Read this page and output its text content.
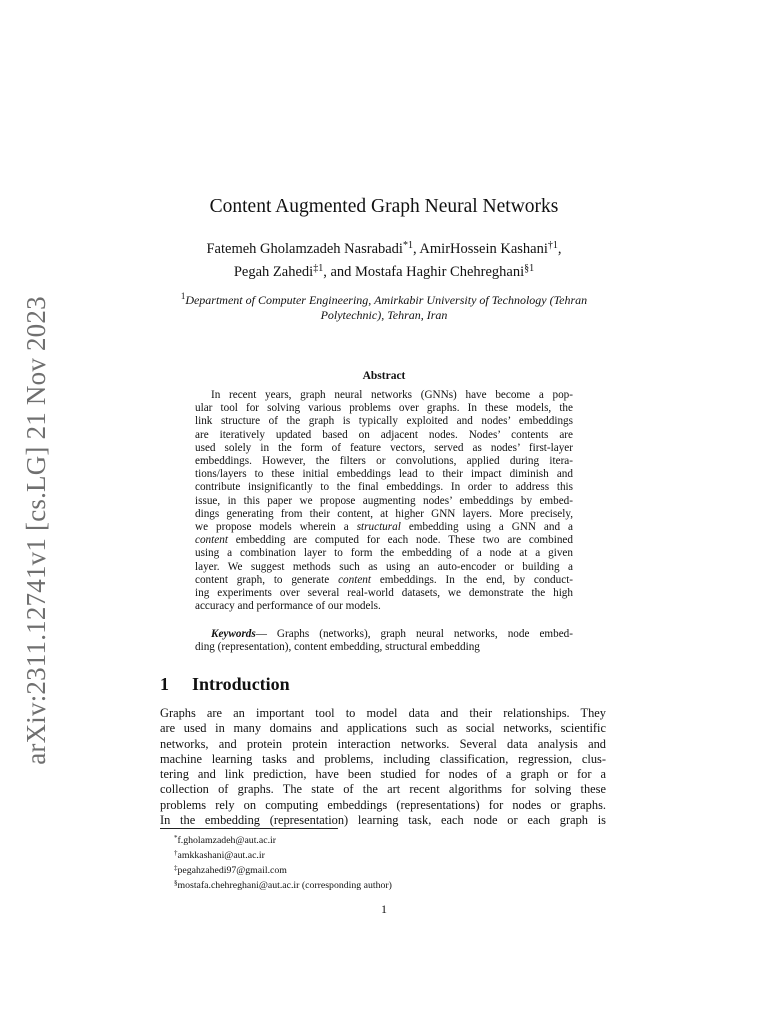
arXiv:2311.12741v1 [cs.LG] 21 Nov 2023
Content Augmented Graph Neural Networks
Fatemeh Gholamzadeh Nasrabadi$^{*1}$, AmirHossein Kashani$^{\dagger 1}$,
Pegah Zahedi$^{\ddagger 1}$, and Mostafa Haghir Chehreghani$^{\S 1}$
$^1$Department of Computer Engineering, Amirkabir University of Technology (Tehran
Polytechnic), Tehran, Iran
Abstract
In recent years, graph neural networks (GNNs) have become a pop-
ular tool for solving various problems over graphs. In these models, the
link structure of the graph is typically exploited and nodes’ embeddings
are iteratively updated based on adjacent nodes. Nodes’ contents are
used solely in the form of feature vectors, served as nodes’ first-layer
embeddings. However, the filters or convolutions, applied during itera-
tions/layers to these initial embeddings lead to their impact diminish and
contribute insignificantly to the final embeddings. In order to address this
issue, in this paper we propose augmenting nodes’ embeddings by embed-
dings generating from their content, at higher GNN layers. More precisely,
we propose models wherein a structural embedding using a GNN and a
content embedding are computed for each node. These two are combined
using a combination layer to form the embedding of a node at a given
layer. We suggest methods such as using an auto-encoder or building a
content graph, to generate content embeddings. In the end, by conduct-
ing experiments over several real-world datasets, we demonstrate the high
accuracy and performance of our models.
Keywords— Graphs (networks), graph neural networks, node embed-
ding (representation), content embedding, structural embedding
1 Introduction
Graphs are an important tool to model data and their relationships. They
are used in many domains and applications such as social networks, scientific
networks, and protein protein interaction networks. Several data analysis and
machine learning tasks and problems, including classification, regression, clus-
tering and link prediction, have been studied for nodes of a graph or for a
collection of graphs. The state of the art recent algorithms for solving these
problems rely on computing embeddings (representations) for nodes or graphs.
In the embedding (representation) learning task, each node or each graph is
*f.gholamzadeh@aut.ac.ir
†amkkashani@aut.ac.ir
‡pegahzahedi97@gmail.com
§mostafa.chehreghani@aut.ac.ir (corresponding author)
1
